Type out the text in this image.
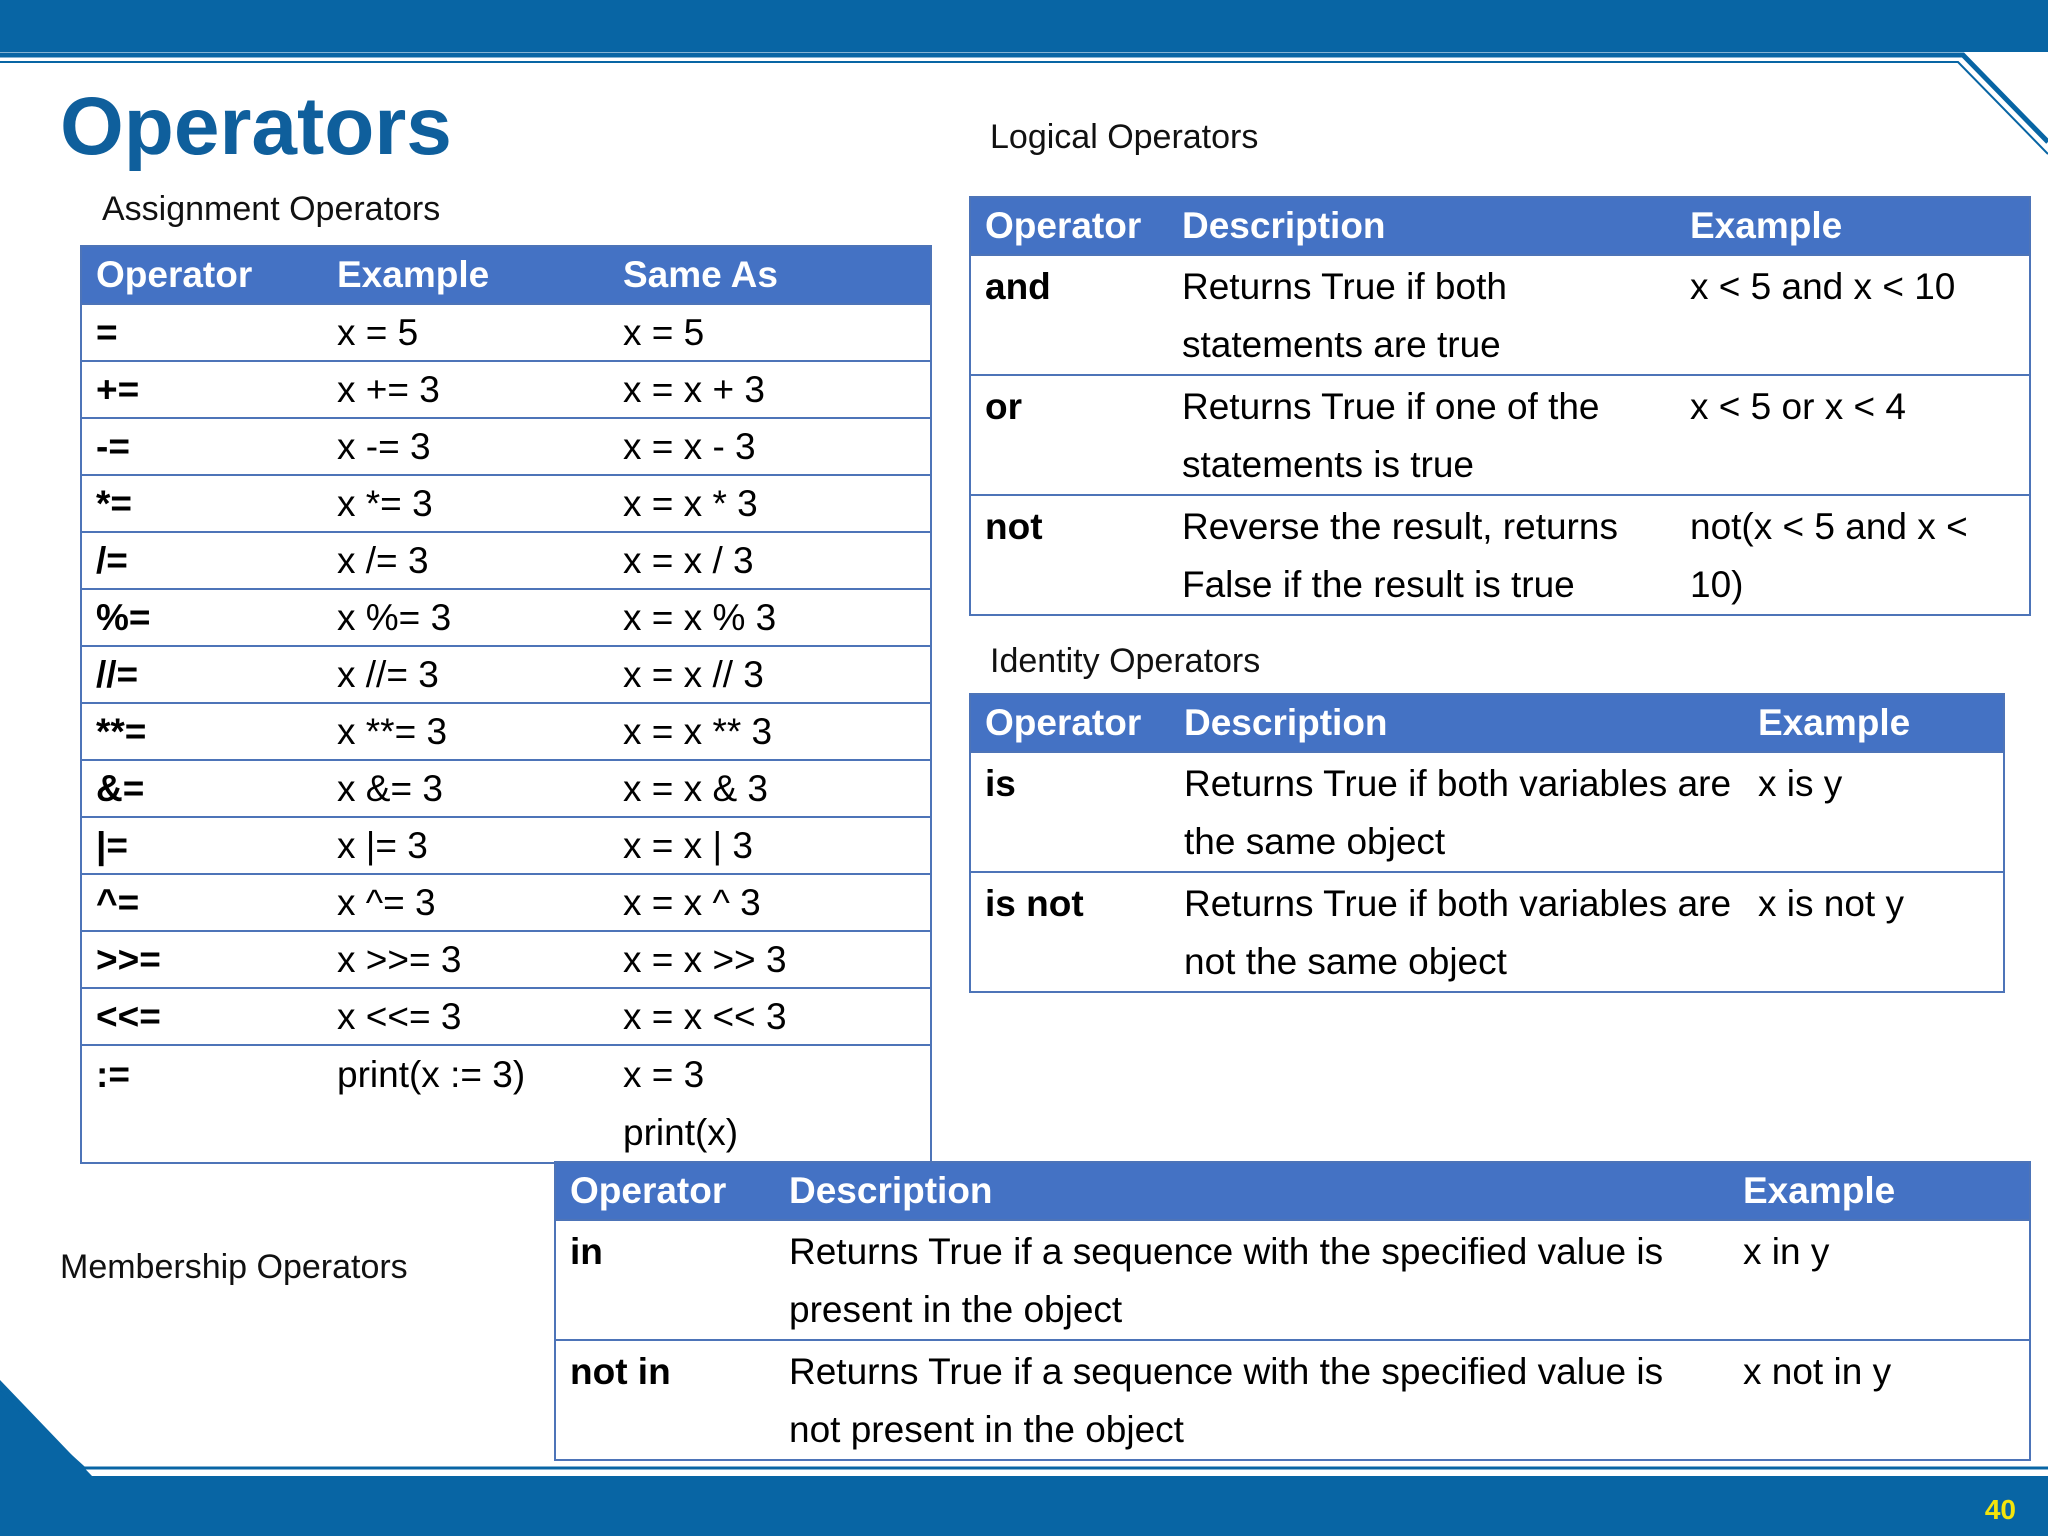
40
Operators
Assignment Operators
Operator	Example	Same As
=	x = 5	x = 5
+=	x += 3	x = x + 3
-=	x -= 3	x = x - 3
*=	x *= 3	x = x * 3
/=	x /= 3	x = x / 3
%=	x %= 3	x = x % 3
//=	x //= 3	x = x // 3
**=	x **= 3	x = x ** 3
&=	x &= 3	x = x & 3
|=	x |= 3	x = x | 3
^=	x ^= 3	x = x ^ 3
>>=	x >>= 3	x = x >> 3
<<=	x <<= 3	x = x << 3
:=	print(x := 3)	x = 3 print(x)
Logical Operators
Operator	Description	Example
and	Returns True if both statements are true	x < 5 and x < 10
or	Returns True if one of the statements is true	x < 5 or x < 4
not	Reverse the result, returns False if the result is true	not(x < 5 and x < 10)
Identity Operators
Operator	Description	Example
is	Returns True if both variables are the same object	x is y
is not	Returns True if both variables are not the same object	x is not y
Membership Operators
Operator	Description	Example
in	Returns True if a sequence with the specified value is present in the object	x in y
not in	Returns True if a sequence with the specified value is not present in the object	x not in y
